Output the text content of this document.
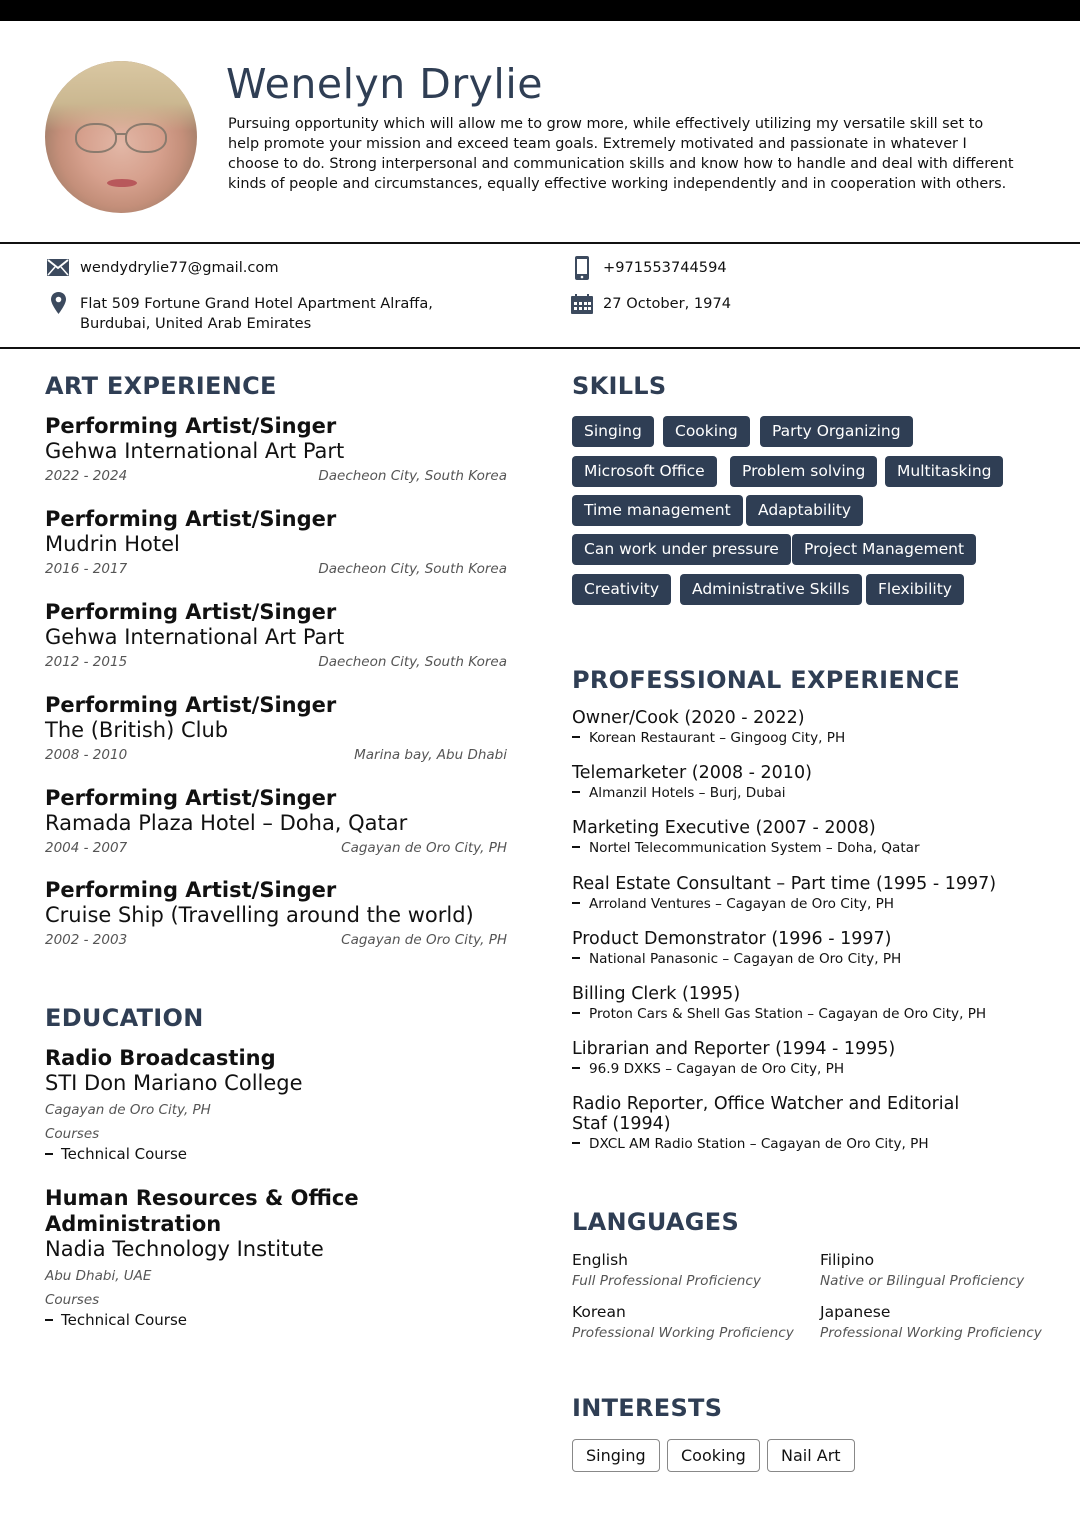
Wenelyn Drylie
Pursuing opportunity which will allow me to grow more, while effectively utilizing my versatile skill set to help promote your mission and exceed team goals. Extremely motivated and passionate in whatever I choose to do. Strong interpersonal and communication skills and know how to handle and deal with different kinds of people and circumstances, equally effective working independently and in cooperation with others.
wendydrylie77@gmail.com	+971553744594
Flat 509 Fortune Grand Hotel Apartment Alraffa,
Burdubai, United Arab Emirates
27 October, 1974
ART EXPERIENCE
Performing Artist/Singer
Gehwa International Art Part
2022 - 2024	Daecheon City, South Korea
Performing Artist/Singer
Mudrin Hotel
2016 - 2017	Daecheon City, South Korea
Performing Artist/Singer
Gehwa International Art Part
2012 - 2015	Daecheon City, South Korea
Performing Artist/Singer
The (British) Club
2008 - 2010	Marina bay, Abu Dhabi
Performing Artist/Singer
Ramada Plaza Hotel – Doha, Qatar
2004 - 2007	Cagayan de Oro City, PH
Performing Artist/Singer
Cruise Ship (Travelling around the world)
2002 - 2003	Cagayan de Oro City, PH
EDUCATION
Radio Broadcasting
STI Don Mariano College
Cagayan de Oro City, PH
Courses
Technical Course
Human Resources & Office Administration
Nadia Technology Institute
Abu Dhabi, UAE
Courses
Technical Course
SKILLS
Singing	Cooking	Party Organizing
Microsoft Office	Problem solving	Multitasking
Time management	Adaptability
Can work under pressure	Project Management
Creativity	Administrative Skills	Flexibility
PROFESSIONAL EXPERIENCE
Owner/Cook (2020 - 2022)
Korean Restaurant – Gingoog City, PH
Telemarketer (2008 - 2010)
Almanzil Hotels – Burj, Dubai
Marketing Executive (2007 - 2008)
Nortel Telecommunication System – Doha, Qatar
Real Estate Consultant – Part time (1995 - 1997)
Arroland Ventures – Cagayan de Oro City, PH
Product Demonstrator (1996 - 1997)
National Panasonic – Cagayan de Oro City, PH
Billing Clerk (1995)
Proton Cars & Shell Gas Station – Cagayan de Oro City, PH
Librarian and Reporter (1994 - 1995)
96.9 DXKS – Cagayan de Oro City, PH
Radio Reporter, Office Watcher and Editorial Staf (1994)
DXCL AM Radio Station – Cagayan de Oro City, PH
LANGUAGES
English
Full Professional Proficiency
Filipino
Native or Bilingual Proficiency
Korean
Professional Working Proficiency
Japanese
Professional Working Proficiency
INTERESTS
Singing	Cooking	Nail Art
